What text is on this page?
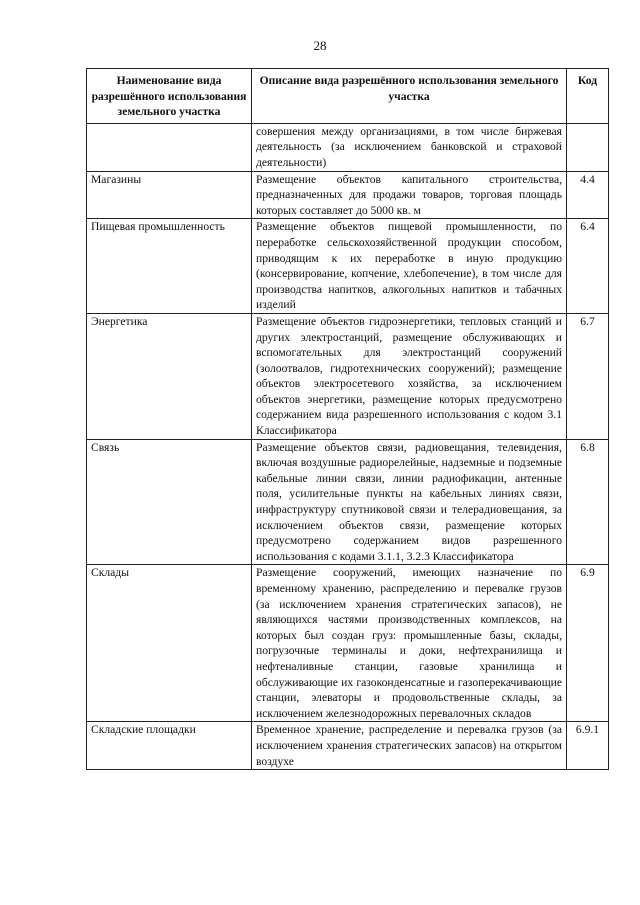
28
Наименование вида разрешённого использования земельного участка	Описание вида разрешённого использования земельного участка	Код
	совершения между организациями, в том числе биржевая деятельность (за исключением банковской и страховой деятельности)	
Магазины	Размещение объектов капитального строительства, предназначенных для продажи товаров, торговая площадь которых составляет до 5000 кв. м	4.4
Пищевая промышленность	Размещение объектов пищевой промышленности, по переработке сельскохозяйственной продукции способом, приводящим к их переработке в иную продукцию (консервирование, копчение, хлебопечение), в том числе для производства напитков, алкогольных напитков и табачных изделий	6.4
Энергетика	Размещение объектов гидроэнергетики, тепловых станций и других электростанций, размещение обслуживающих и вспомогательных для электростанций сооружений (золоотвалов, гидротехнических сооружений); размещение объектов электросетевого хозяйства, за исключением объектов энергетики, размещение которых предусмотрено содержанием вида разрешенного использования с кодом 3.1 Классификатора	6.7
Связь	Размещение объектов связи, радиовещания, телевидения, включая воздушные радиорелейные, надземные и подземные кабельные линии связи, линии радиофикации, антенные поля, усилительные пункты на кабельных линиях связи, инфраструктуру спутниковой связи и телерадиовещания, за исключением объектов связи, размещение которых предусмотрено содержанием видов разрешенного использования с кодами 3.1.1, 3.2.3 Классификатора	6.8
Склады	Размещение сооружений, имеющих назначение по временному хранению, распределению и перевалке грузов (за исключением хранения стратегических запасов), не являющихся частями производственных комплексов, на которых был создан груз: промышленные базы, склады, погрузочные терминалы и доки, нефтехранилища и нефтеналивные станции, газовые хранилища и обслуживающие их газоконденсатные и газоперекачивающие станции, элеваторы и продовольственные склады, за исключением железнодорожных перевалочных складов	6.9
Складские площадки	Временное хранение, распределение и перевалка грузов (за исключением хранения стратегических запасов) на открытом воздухе	6.9.1
